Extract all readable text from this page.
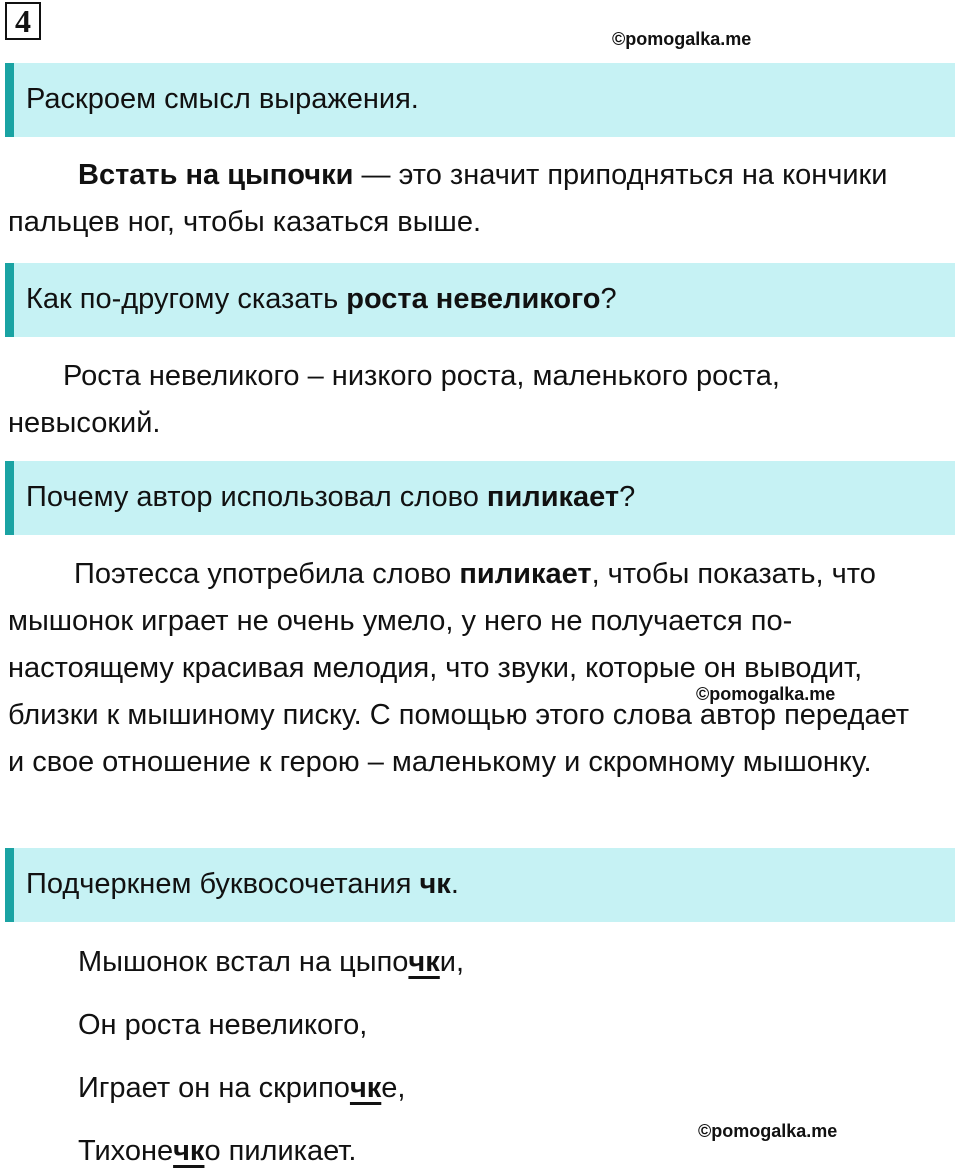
4	©pomogalka.me
Раскроем смысл выражения.

Встать на цыпочки — это значит приподняться на кончики пальцев ног, чтобы казаться выше.

Как по-другому сказать роста невеликого?

Роста невеликого – низкого роста, маленького роста, невысокий.

Почему автор использовал слово пиликает?

Поэтесса употребила слово пиликает, чтобы показать, что мышонок играет не очень умело, у него не получается по-настоящему красивая мелодия, что звуки, которые он выводит, близки к мышиному писку. С помощью этого слова автор передает и свое отношение к герою – маленькому и скромному мышонку.

©pomogalka.me
Подчеркнем буквосочетания чк.

Мышонок встал на цыпочки,

Он роста невеликого,

Играет он на скрипочке,

Тихонечко пиликает.

©pomogalka.me
